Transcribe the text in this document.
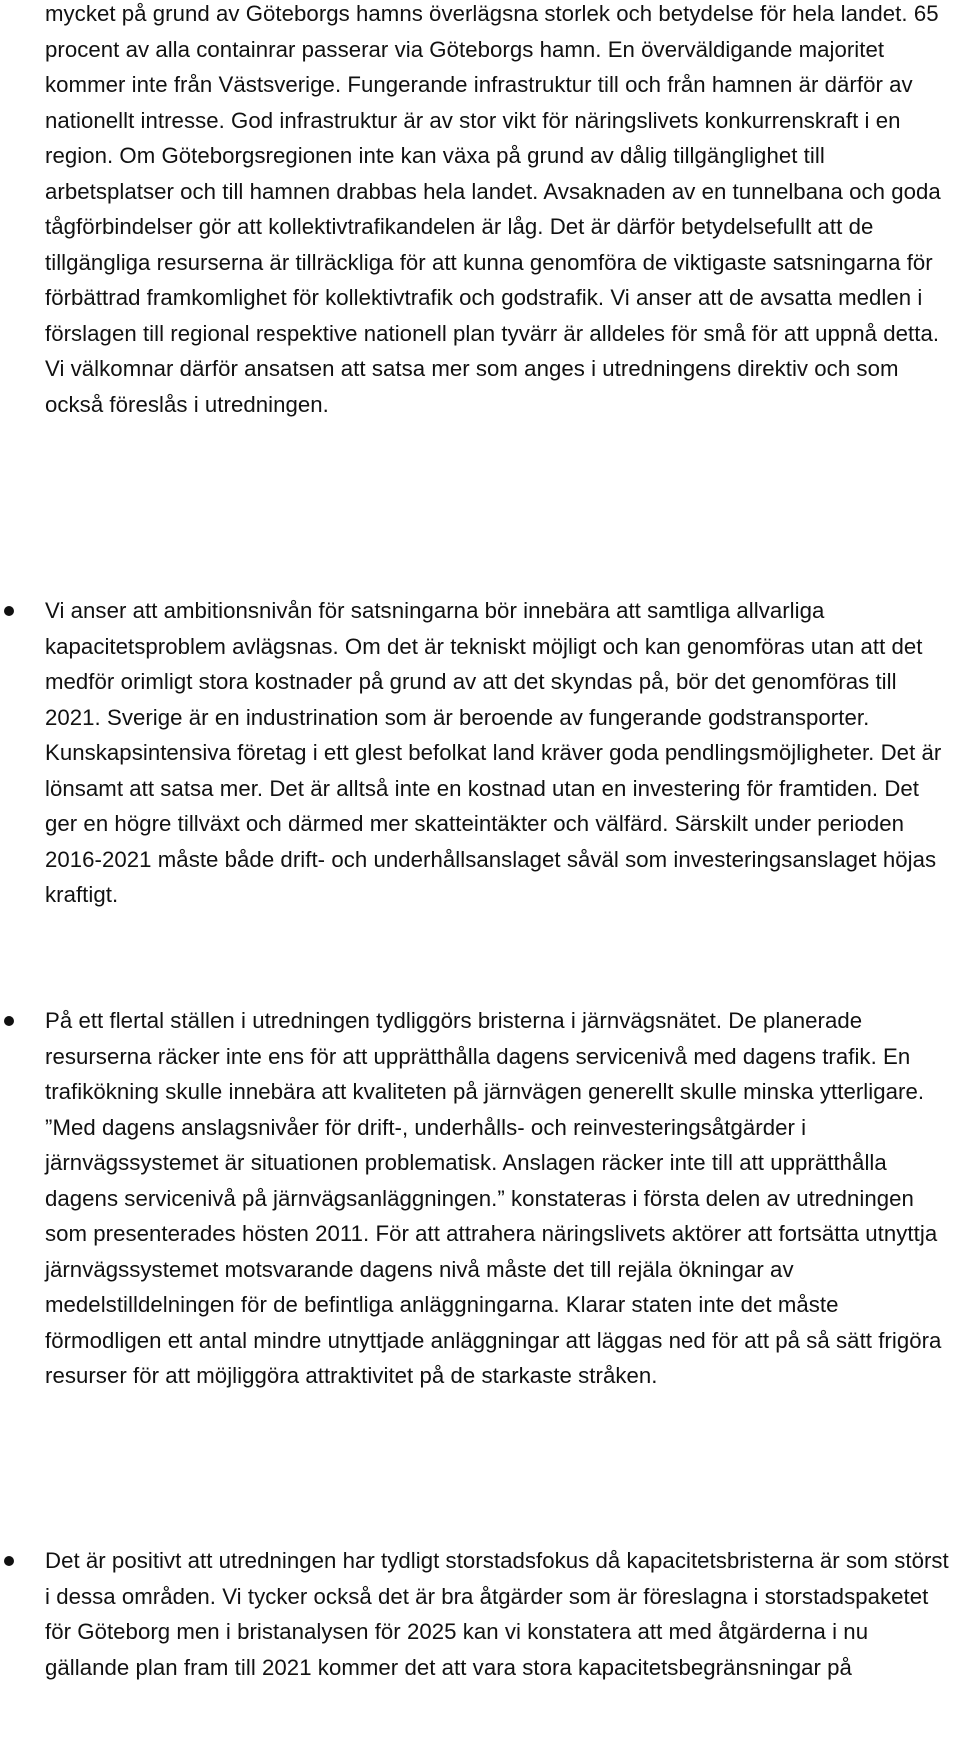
mycket på grund av Göteborgs hamns överlägsna storlek och betydelse för hela landet. 65 procent av alla containrar passerar via Göteborgs hamn. En överväldigande majoritet kommer inte från Västsverige. Fungerande infrastruktur till och från hamnen är därför av nationellt intresse. God infrastruktur är av stor vikt för näringslivets konkurrenskraft i en region. Om Göteborgsregionen inte kan växa på grund av dålig tillgänglighet till arbetsplatser och till hamnen drabbas hela landet. Avsaknaden av en tunnelbana och goda tågförbindelser gör att kollektivtrafikandelen är låg. Det är därför betydelsefullt att de tillgängliga resurserna är tillräckliga för att kunna genomföra de viktigaste satsningarna för förbättrad framkomlighet för kollektivtrafik och godstrafik. Vi anser att de avsatta medlen i förslagen till regional respektive nationell plan tyvärr är alldeles för små för att uppnå detta. Vi välkomnar därför ansatsen att satsa mer som anges i utredningens direktiv och som också föreslås i utredningen.

Vi anser att ambitionsnivån för satsningarna bör innebära att samtliga allvarliga kapacitetsproblem avlägsnas. Om det är tekniskt möjligt och kan genomföras utan att det medför orimligt stora kostnader på grund av att det skyndas på, bör det genomföras till 2021. Sverige är en industrination som är beroende av fungerande godstransporter. Kunskapsintensiva företag i ett glest befolkat land kräver goda pendlingsmöjligheter. Det är lönsamt att satsa mer. Det är alltså inte en kostnad utan en investering för framtiden. Det ger en högre tillväxt och därmed mer skatteintäkter och välfärd. Särskilt under perioden 2016-2021 måste både drift- och underhållsanslaget såväl som investeringsanslaget höjas kraftigt.

På ett flertal ställen i utredningen tydliggörs bristerna i järnvägsnätet. De planerade resurserna räcker inte ens för att upprätthålla dagens servicenivå med dagens trafik. En trafikökning skulle innebära att kvaliteten på järnvägen generellt skulle minska ytterligare. ”Med dagens anslagsnivåer för drift-, underhålls- och reinvesteringsåtgärder i järnvägssystemet är situationen problematisk. Anslagen räcker inte till att upprätthålla dagens servicenivå på järnvägsanläggningen.” konstateras i första delen av utredningen som presenterades hösten 2011. För att attrahera näringslivets aktörer att fortsätta utnyttja järnvägssystemet motsvarande dagens nivå måste det till rejäla ökningar av medelstilldelningen för de befintliga anläggningarna. Klarar staten inte det måste förmodligen ett antal mindre utnyttjade anläggningar att läggas ned för att på så sätt frigöra resurser för att möjliggöra attraktivitet på de starkaste stråken.

Det är positivt att utredningen har tydligt storstadsfokus då kapacitetsbristerna är som störst i dessa områden. Vi tycker också det är bra åtgärder som är föreslagna i storstadspaketet för Göteborg men i bristanalysen för 2025 kan vi konstatera att med åtgärderna i nu gällande plan fram till 2021 kommer det att vara stora kapacitetsbegränsningar på
